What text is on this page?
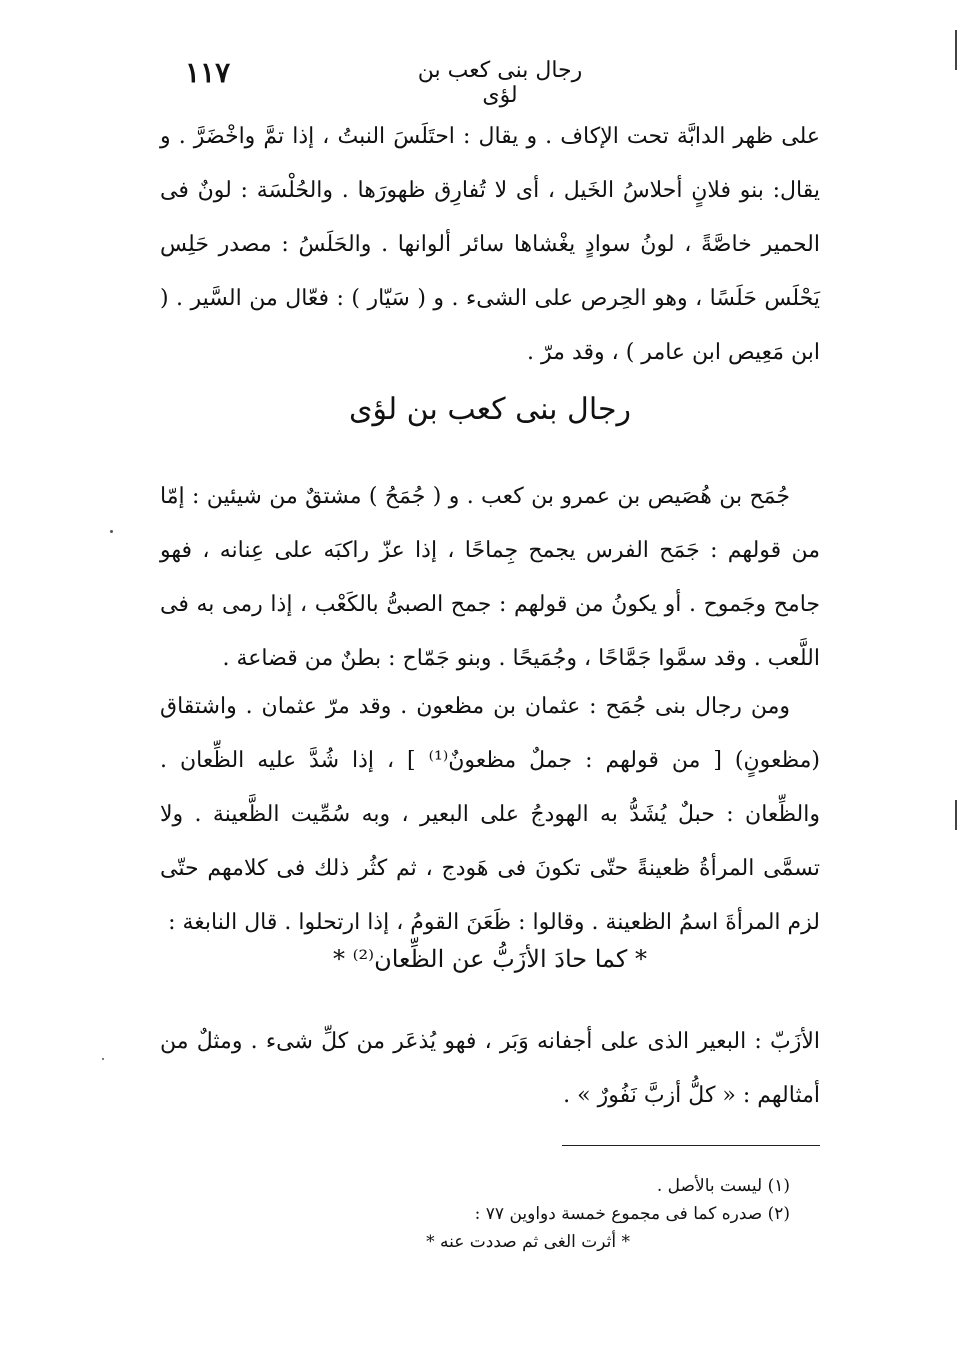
١١٧	رجال بنى كعب بن لؤى

على ظهر الدابَّة تحت الإكاف . و يقال : احتَلَسَ النبتُ ، إذا تمَّ واخْضَرَّ . و يقال: بنو فلانٍ أحلاسُ الخَيل ، أى لا تُفارِق ظهورَها . والحُلْسَة : لونٌ فى الحمير خاصَّةً ، لونُ سوادٍ يغْشاها سائر ألوانها . والحَلَسُ : مصدر حَلِس يَحْلَس حَلَسًا ، وهو الحِرص على الشىء . و ( سَيّار ) : فعّال من السَّير . ( ابن مَعِيص ابن عامر ) ، وقد مرّ .

رجال بنى كعب بن لؤى

جُمَح بن هُصَيص بن عمرو بن كعب . و ( جُمَحُ ) مشتقٌ من شيئين : إمّا من قولهم : جَمَح الفرس يجمح جِماحًا ، إذا عزّ راكبَه على عِنانه ، فهو جامح وجَموح . أو يكونُ من قولهم : جمح الصبىُّ بالكَعْب ، إذا رمى به فى اللَّعب . وقد سمَّوا جَمَّاحًا ، وجُمَيحًا . وبنو جَمّاح : بطنٌ من قضاعة .

ومن رجال بنى جُمَح : عثمان بن مظعون . وقد مرّ عثمان . واشتقاق (مظعونٍ) [ من قولهم : جملٌ مظعونٌ⁽¹⁾ ] ، إذا شُدَّ عليه الظِّعان . والظِّعان : حبلٌ يُشَدُّ به الهودجُ على البعير ، وبه سُمِّيت الظَّعينة . ولا تسمَّى المرأةُ ظعينةً حتّى تكونَ فى هَودج ، ثم كثُر ذلك فى كلامهم حتّى لزم المرأةَ اسمُ الظعينة . وقالوا : ظَعَنَ القومُ ، إذا ارتحلوا . قال النابغة :

* كما حادَ الأزَبُّ عن الظِّعان⁽²⁾ *

الأزَبّ : البعير الذى على أجفانه وَبَر ، فهو يُذعَر من كلِّ شىء . ومثلٌ من أمثالهم : « كلُّ أزبَّ نَفُورٌ » .

(١) ليست بالأصل .

(٢) صدره كما فى مجموع خمسة دواوين ٧٧ :

* أثرت الغى ثم صددت عنه *
